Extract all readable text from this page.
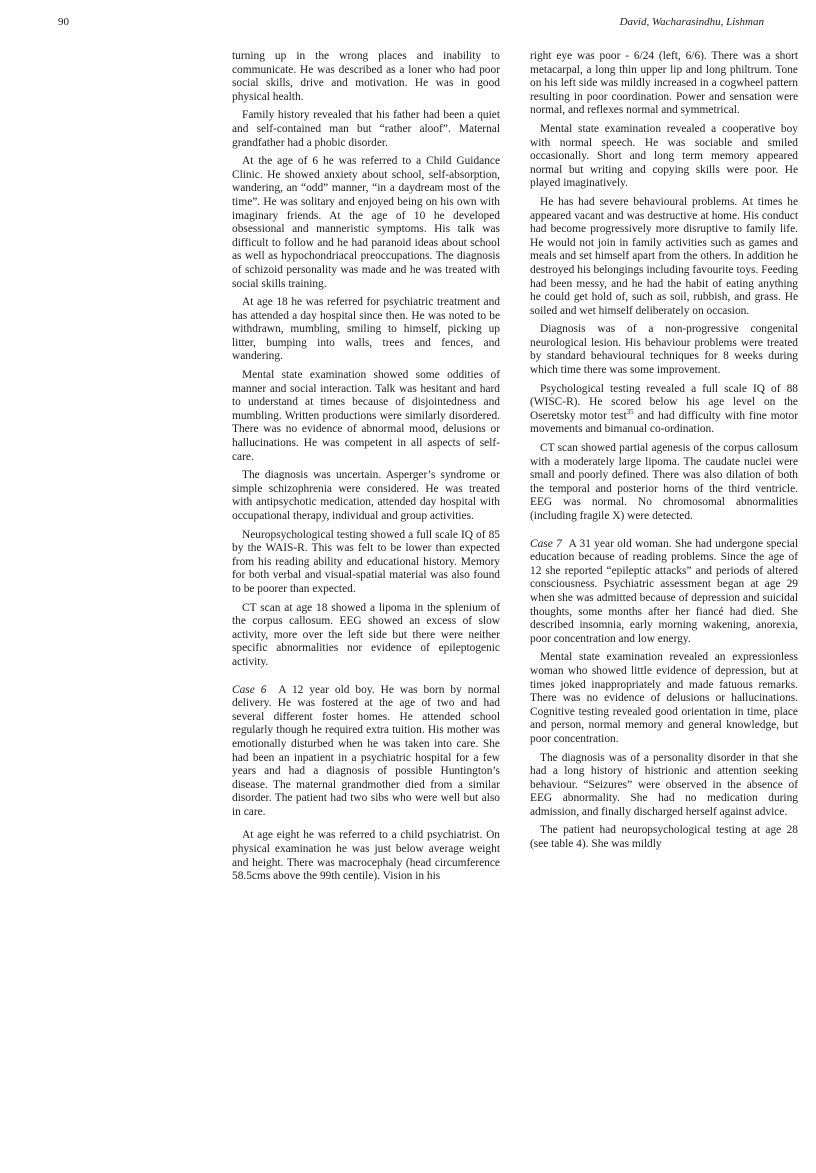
90	David, Wacharasindhu, Lishman

turning up in the wrong places and inability to communicate. He was described as a loner who had poor social skills, drive and motivation. He was in good physical health.

Family history revealed that his father had been a quiet and self-contained man but “rather aloof”. Maternal grandfather had a phobic disorder.

At the age of 6 he was referred to a Child Guidance Clinic. He showed anxiety about school, self-absorption, wandering, an “odd” manner, “in a daydream most of the time”. He was solitary and enjoyed being on his own with imaginary friends. At the age of 10 he developed obsessional and manneristic symptoms. His talk was difficult to follow and he had paranoid ideas about school as well as hypochondriacal preoccupations. The diagnosis of schizoid personality was made and he was treated with social skills training.

At age 18 he was referred for psychiatric treatment and has attended a day hospital since then. He was noted to be withdrawn, mumbling, smiling to himself, picking up litter, bumping into walls, trees and fences, and wandering.

Mental state examination showed some oddities of manner and social interaction. Talk was hesitant and hard to understand at times because of disjointedness and mumbling. Written productions were similarly disordered. There was no evidence of abnormal mood, delusions or hallucinations. He was competent in all aspects of self-care.

The diagnosis was uncertain. Asperger’s syndrome or simple schizophrenia were considered. He was treated with antipsychotic medication, attended day hospital with occupational therapy, individual and group activities.

Neuropsychological testing showed a full scale IQ of 85 by the WAIS-R. This was felt to be lower than expected from his reading ability and educational history. Memory for both verbal and visual-spatial material was also found to be poorer than expected.

CT scan at age 18 showed a lipoma in the splenium of the corpus callosum. EEG showed an excess of slow activity, more over the left side but there were neither specific abnormalities nor evidence of epileptogenic activity.

Case 6 A 12 year old boy. He was born by normal delivery. He was fostered at the age of two and had several different foster homes. He attended school regularly though he required extra tuition. His mother was emotionally disturbed when he was taken into care. She had been an inpatient in a psychiatric hospital for a few years and had a diagnosis of possible Huntington’s disease. The maternal grandmother died from a similar disorder. The patient had two sibs who were well but also in care.

At age eight he was referred to a child psychiatrist. On physical examination he was just below average weight and height. There was macrocephaly (head circumference 58.5cms above the 99th centile). Vision in his

right eye was poor - 6/24 (left, 6/6). There was a short metacarpal, a long thin upper lip and long philtrum. Tone on his left side was mildly increased in a cogwheel pattern resulting in poor coordination. Power and sensation were normal, and reflexes normal and symmetrical.

Mental state examination revealed a cooperative boy with normal speech. He was sociable and smiled occasionally. Short and long term memory appeared normal but writing and copying skills were poor. He played imaginatively.

He has had severe behavioural problems. At times he appeared vacant and was destructive at home. His conduct had become progressively more disruptive to family life. He would not join in family activities such as games and meals and set himself apart from the others. In addition he destroyed his belongings including favourite toys. Feeding had been messy, and he had the habit of eating anything he could get hold of, such as soil, rubbish, and grass. He soiled and wet himself deliberately on occasion.

Diagnosis was of a non-progressive congenital neurological lesion. His behaviour problems were treated by standard behavioural techniques for 8 weeks during which time there was some improvement.

Psychological testing revealed a full scale IQ of 88 (WISC-R). He scored below his age level on the Oseretsky motor test$^{35}$ and had difficulty with fine motor movements and bimanual co-ordination.

CT scan showed partial agenesis of the corpus callosum with a moderately large lipoma. The caudate nuclei were small and poorly defined. There was also dilation of both the temporal and posterior horns of the third ventricle. EEG was normal. No chromosomal abnormalities (including fragile X) were detected.

Case 7 A 31 year old woman. She had undergone special education because of reading problems. Since the age of 12 she reported “epileptic attacks” and periods of altered consciousness. Psychiatric assessment began at age 29 when she was admitted because of depression and suicidal thoughts, some months after her fiancé had died. She described insomnia, early morning wakening, anorexia, poor concentration and low energy.

Mental state examination revealed an expressionless woman who showed little evidence of depression, but at times joked inappropriately and made fatuous remarks. There was no evidence of delusions or hallucinations. Cognitive testing revealed good orientation in time, place and person, normal memory and general knowledge, but poor concentration.

The diagnosis was of a personality disorder in that she had a long history of histrionic and attention seeking behaviour. “Seizures” were observed in the absence of EEG abnormality. She had no medication during admission, and finally discharged herself against advice.

The patient had neuropsychological testing at age 28 (see table 4). She was mildly
